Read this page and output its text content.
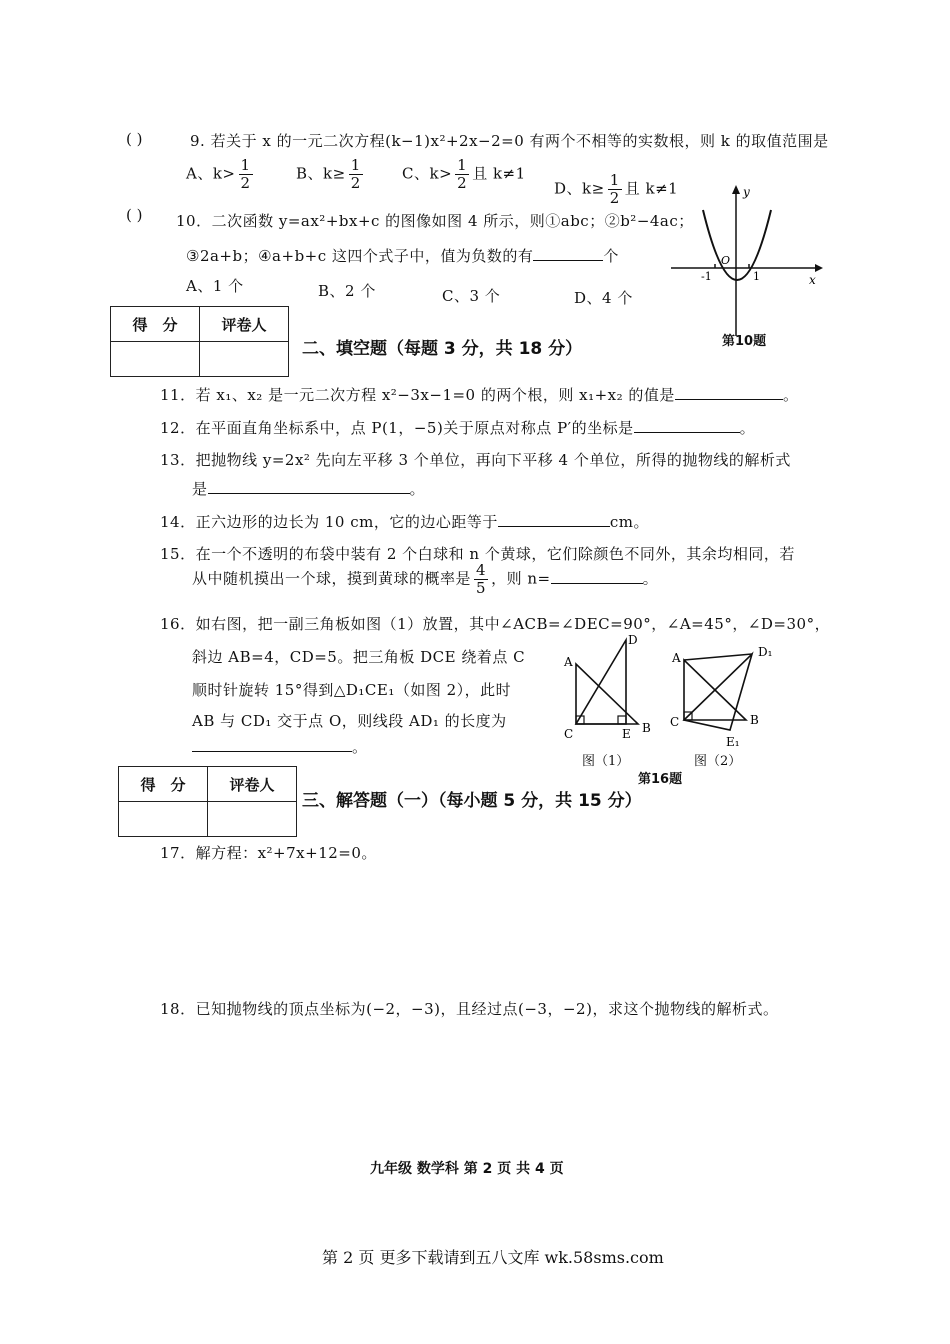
( )	9. 若关于 x 的一元二次方程(k−1)x²+2x−2=0 有两个不相等的实数根，则 k 的取值范围是
A、$k> \frac{1}{2}$	B、$k\ge \frac{1}{2}$	C、$k> \frac{1}{2}$ 且 k≠1
D、$k\ge \frac{1}{2}$ 且 k≠1
( ) 10．二次函数 y=ax²+bx+c 的图像如图 4 所示，则①abc；②b²−4ac；
③2a+b；④a+b+c 这四个式子中，值为负数的有	个
A、1 个	B、2 个	C、3 个	D、4 个
y
x
O
-1	1
第10题
得　分	评卷人

二、填空题（每题 3 分，共 18 分）
11．若 x₁、x₂ 是一元二次方程 x²−3x−1=0 的两个根，则 x₁+x₂ 的值是	。
12．在平面直角坐标系中，点 P(1，−5)关于原点对称点 P′的坐标是	。
13．把抛物线 y=2x² 先向左平移 3 个单位，再向下平移 4 个单位，所得的抛物线的解析式
是	。
14．正六边形的边长为 10 cm，它的边心距等于	cm。
15．在一个不透明的布袋中装有 2 个白球和 n 个黄球，它们除颜色不同外，其余均相同，若
从中随机摸出一个球，摸到黄球的概率是 $\frac{4}{5}$ ，则 n=	。
16．如右图，把一副三角板如图（1）放置，其中∠ACB=∠DEC=90°，∠A=45°，∠D=30°，
斜边 AB=4，CD=5。把三角板 DCE 绕着点 C
顺时针旋转 15°得到△D₁CE₁（如图 2），此时
AB 与 CD₁ 交于点 O，则线段 AD₁ 的长度为
。
A
D
C	E B
图（1）
A	D₁
C	B
E₁
图（2）
第16题
得　分	评卷人

三、解答题（一）（每小题 5 分，共 15 分）
17．解方程：x²+7x+12=0。
18．已知抛物线的顶点坐标为(−2，−3)，且经过点(−3，−2)，求这个抛物线的解析式。
九年级 数学科 第 2 页 共 4 页
第 2 页 更多下载请到五八文库 wk.58sms.com
